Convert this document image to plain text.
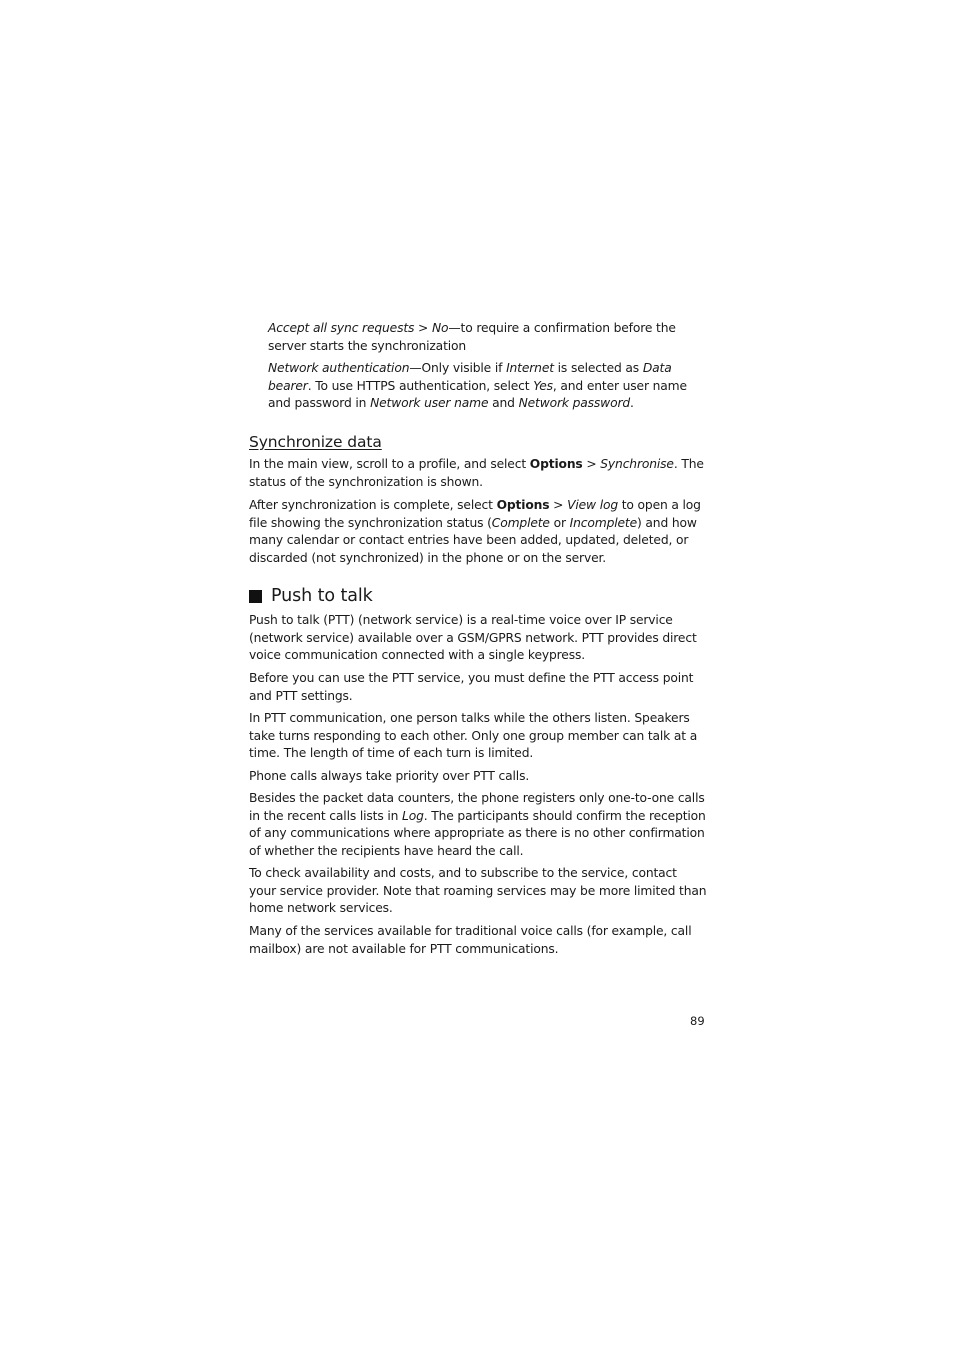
Accept all sync requests > No—to require a confirmation before the server starts the synchronization

Network authentication—Only visible if Internet is selected as Data bearer. To use HTTPS authentication, select Yes, and enter user name and password in Network user name and Network password.

Synchronize data

In the main view, scroll to a profile, and select Options > Synchronise. The status of the synchronization is shown.

After synchronization is complete, select Options > View log to open a log file showing the synchronization status (Complete or Incomplete) and how many calendar or contact entries have been added, updated, deleted, or discarded (not synchronized) in the phone or on the server.

Push to talk

Push to talk (PTT) (network service) is a real-time voice over IP service (network service) available over a GSM/GPRS network. PTT provides direct voice communication connected with a single keypress.

Before you can use the PTT service, you must define the PTT access point and PTT settings.

In PTT communication, one person talks while the others listen. Speakers take turns responding to each other. Only one group member can talk at a time. The length of time of each turn is limited.

Phone calls always take priority over PTT calls.

Besides the packet data counters, the phone registers only one-to-one calls in the recent calls lists in Log. The participants should confirm the reception of any communications where appropriate as there is no other confirmation of whether the recipients have heard the call.

To check availability and costs, and to subscribe to the service, contact your service provider. Note that roaming services may be more limited than home network services.

Many of the services available for traditional voice calls (for example, call mailbox) are not available for PTT communications.

89
